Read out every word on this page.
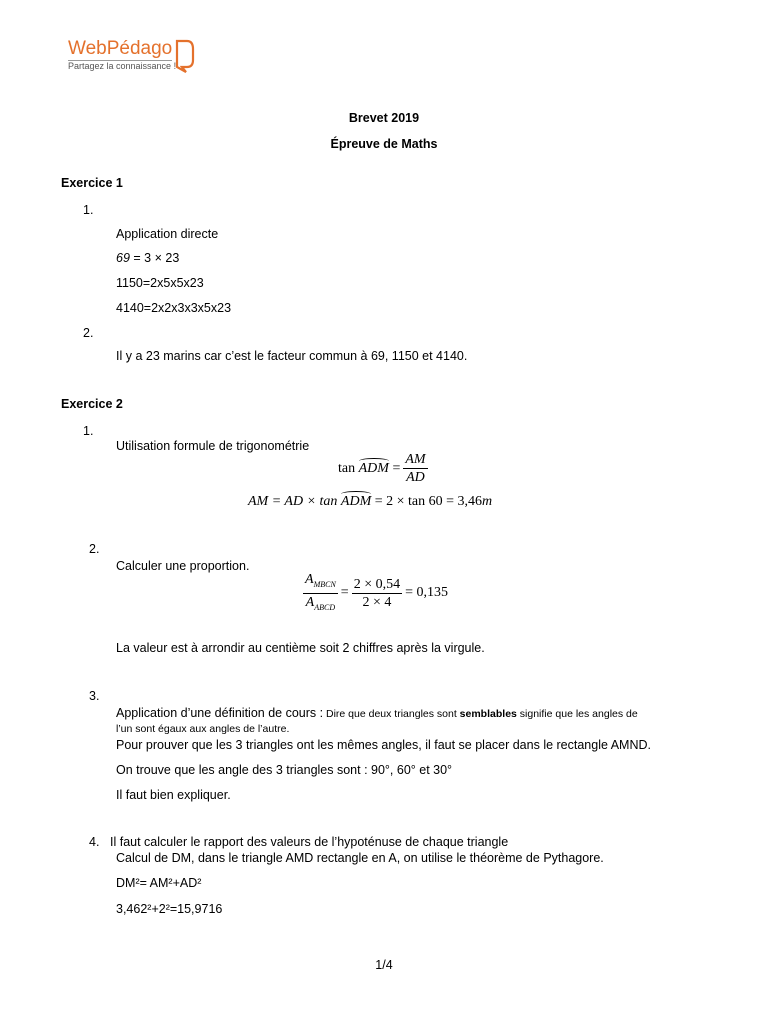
WebPédago
Partagez la connaissance !
Brevet 2019
Épreuve de Maths
Exercice 1
1.
Application directe
69 = 3 × 23
1150=2x5x5x23
4140=2x2x3x3x5x23
2.
Il y a 23 marins car c’est le facteur commun à 69, 1150 et 4140.
Exercice 2
1.
Utilisation formule de trigonométrie
tan
ADM
= $\frac{AM}{AD}$
AM = AD × tan ADM = 2 × tan 60 = 3,46m
2.
Calculer une proportion.
$\frac{A_{MBCN}}{A_{ABCD}} = \frac{2 \times 0,54}{2 \times 4} = 0,135$
La valeur est à arrondir au centième soit 2 chiffres après la virgule.
3.
Application d’une définition de cours : Dire que deux triangles sont semblables signifie que les angles de
l’un sont égaux aux angles de l’autre.
Pour prouver que les 3 triangles ont les mêmes angles, il faut se placer dans le rectangle AMND.
On trouve que les angle des 3 triangles sont : 90°, 60° et 30°
Il faut bien expliquer.
4. Il faut calculer le rapport des valeurs de l’hypoténuse de chaque triangle
Calcul de DM, dans le triangle AMD rectangle en A, on utilise le théorème de Pythagore.
DM²= AM²+AD²
3,462²+2²=15,9716
1/4
